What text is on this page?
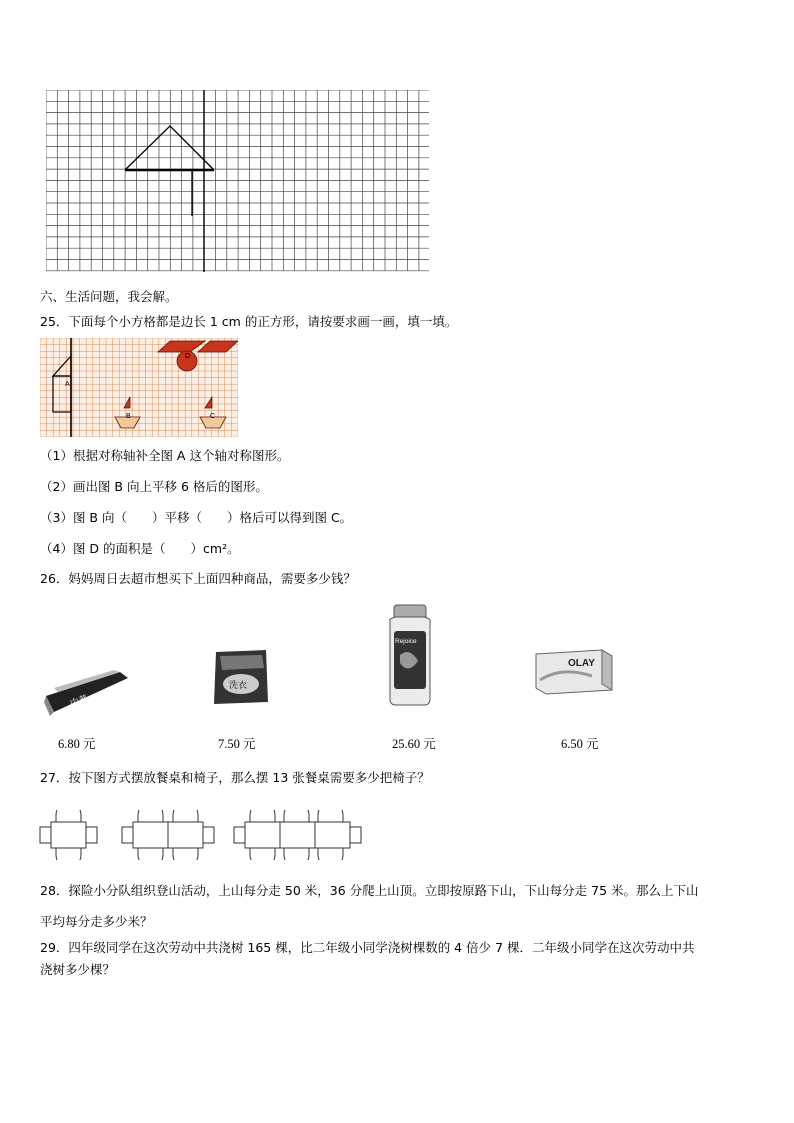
六、生活问题，我会解。
25．下面每个小方格都是边长 1 cm 的正方形，请按要求画一画，填一填。
A
D
B	C
（1）根据对称轴补全图 A 这个轴对称图形。
（2）画出图 B 向上平移 6 格后的图形。
（3）图 B 向（　　）平移（　　）格后可以得到图 C。
（4）图 D 的面积是（　　）cm²。
26．妈妈周日去超市想买下上面四种商品，需要多少钱？
中華
洗衣
Rejoice
OLAY
6.80 元	7.50 元	25.60 元	6.50 元
27．按下图方式摆放餐桌和椅子，那么摆 13 张餐桌需要多少把椅子？
28．探险小分队组织登山活动，上山每分走 50 米，36 分爬上山顶。立即按原路下山，下山每分走 75 米。那么上下山
平均每分走多少米？
29．四年级同学在这次劳动中共浇树 165 棵，比二年级小同学浇树棵数的 4 倍少 7 棵．二年级小同学在这次劳动中共
浇树多少棵？
